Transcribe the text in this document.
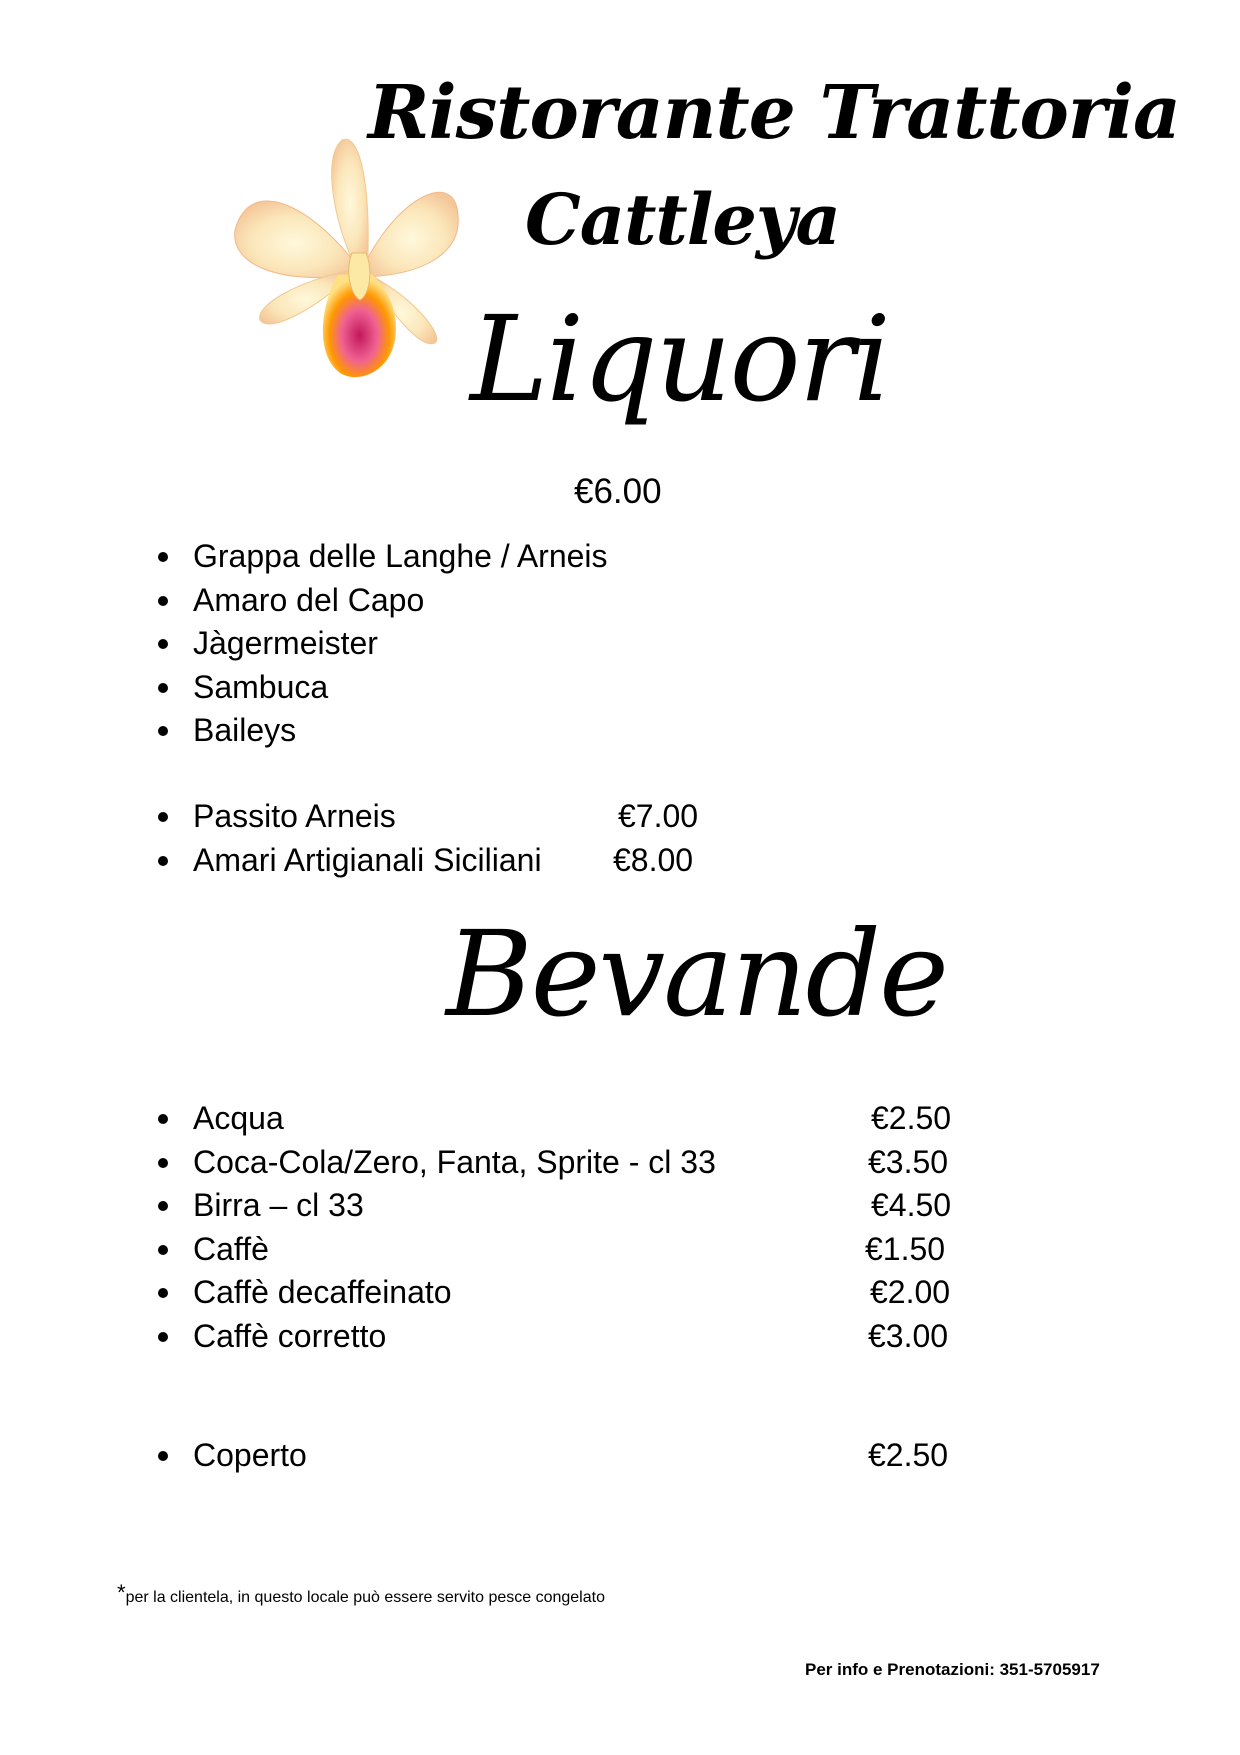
Ristorante Trattoria
Cattleya
Liquori
€6.00
Grappa delle Langhe / Arneis
Amaro del Capo
Jàgermeister
Sambuca
Baileys
Passito Arneis	€7.00
Amari Artigianali Siciliani €8.00
Bevande
Acqua	€2.50
Coca-Cola/Zero, Fanta, Sprite - cl 33	€3.50
Birra – cl 33	€4.50
Caffè	€1.50
Caffè decaffeinato	€2.00
Caffè corretto	€3.00
Coperto	€2.50
*per la clientela, in questo locale può essere servito pesce congelato
Per info e Prenotazioni: 351-5705917
